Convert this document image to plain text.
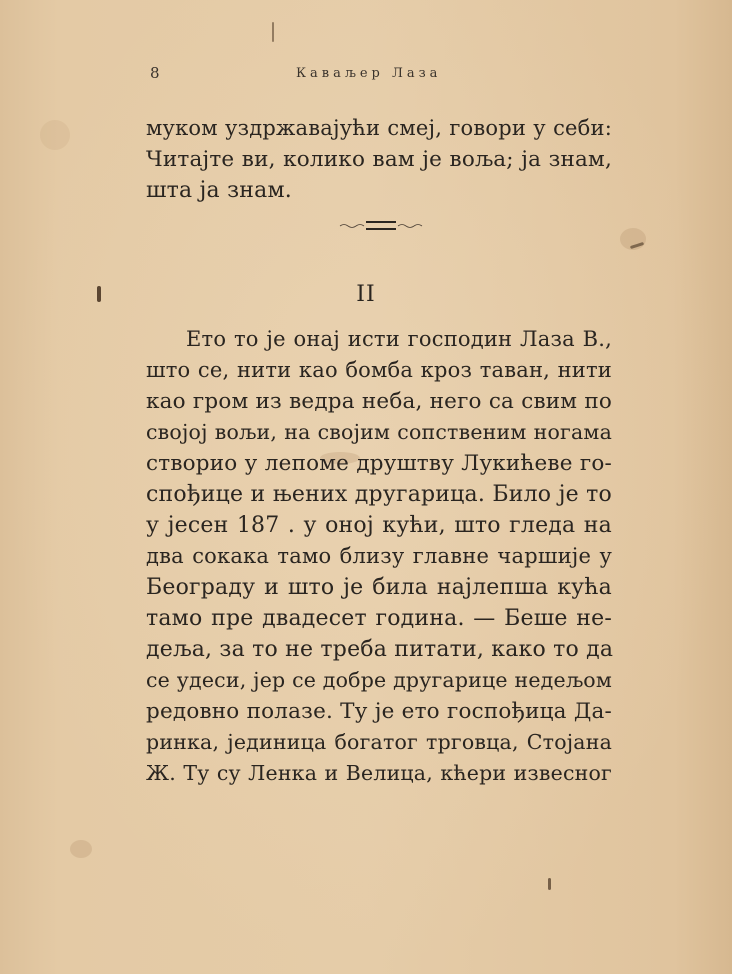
8	Каваљер Лаза
муком уздржавајући смеј, говори у себи:
Читајте ви, колико вам је воља; ја знам,
шта ја знам.
II
Ето то је онај исти господин Лаза В.,
што се, нити као бомба кроз таван, нити
као гром из ведра неба, него са свим по
својој вољи, на својим сопственим ногама
створио у лепоме друштву Лукићеве го-
спођице и њених другарица. Било је то
у јесен 187 . у оној кући, што гледа на
два сокака тамо близу главне чаршије у
Београду и што је била најлепша кућа
тамо пре двадесет година. — Беше не-
деља, за то не треба питати, како то да
се удеси, јер се добре другарице недељом
редовно полазе. Ту је ето госпођица Да-
ринка, јединица богатог трговца, Стојана
Ж. Ту су Ленка и Велица, кћери извесног
